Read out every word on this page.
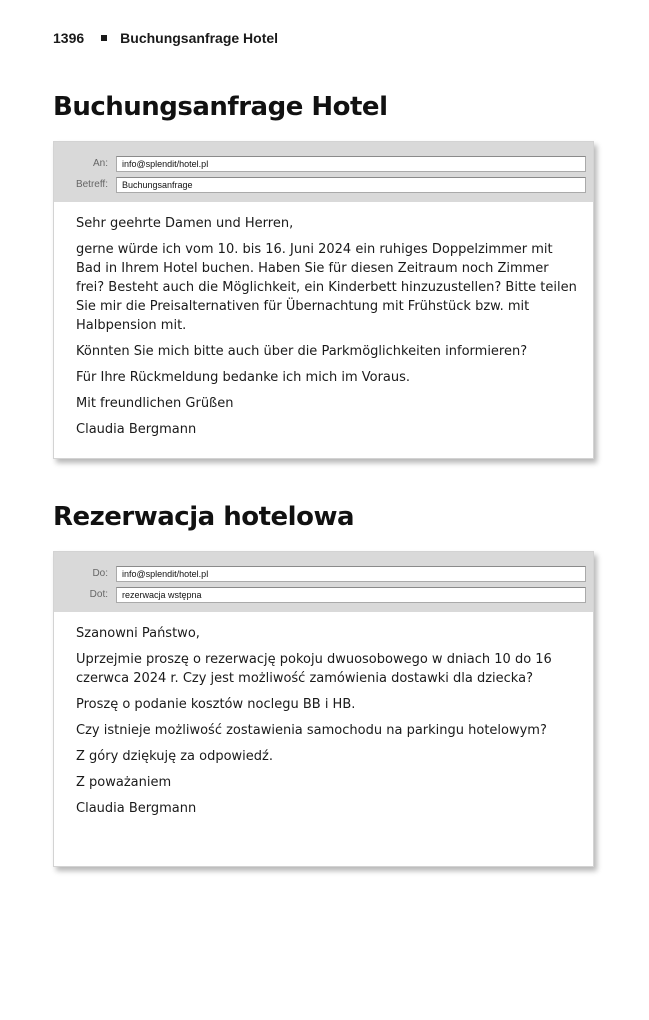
1396	Buchungsanfrage Hotel
Buchungsanfrage Hotel
An:	info@splendit/hotel.pl
Betreff:	Buchungsanfrage

Sehr geehrte Damen und Herren,

gerne würde ich vom 10. bis 16. Juni 2024 ein ruhiges Doppelzimmer mit Bad in Ihrem Hotel buchen. Haben Sie für diesen Zeitraum noch Zimmer frei? Besteht auch die Möglichkeit, ein Kinderbett hinzuzustellen? Bitte teilen Sie mir die Preisalternativen für Übernachtung mit Frühstück bzw. mit Halbpension mit.

Könnten Sie mich bitte auch über die Parkmöglichkeiten informieren?

Für Ihre Rückmeldung bedanke ich mich im Voraus.

Mit freundlichen Grüßen

Claudia Bergmann

Rezerwacja hotelowa
Do:	info@splendit/hotel.pl
Dot:	rezerwacja wstępna

Szanowni Państwo,

Uprzejmie proszę o rezerwację pokoju dwuosobowego w dniach 10 do 16 czerwca 2024 r. Czy jest możliwość zamówienia dostawki dla dziecka?

Proszę o podanie kosztów noclegu BB i HB.

Czy istnieje możliwość zostawienia samochodu na parkingu hotelowym?

Z góry dziękuję za odpowiedź.

Z poważaniem

Claudia Bergmann
